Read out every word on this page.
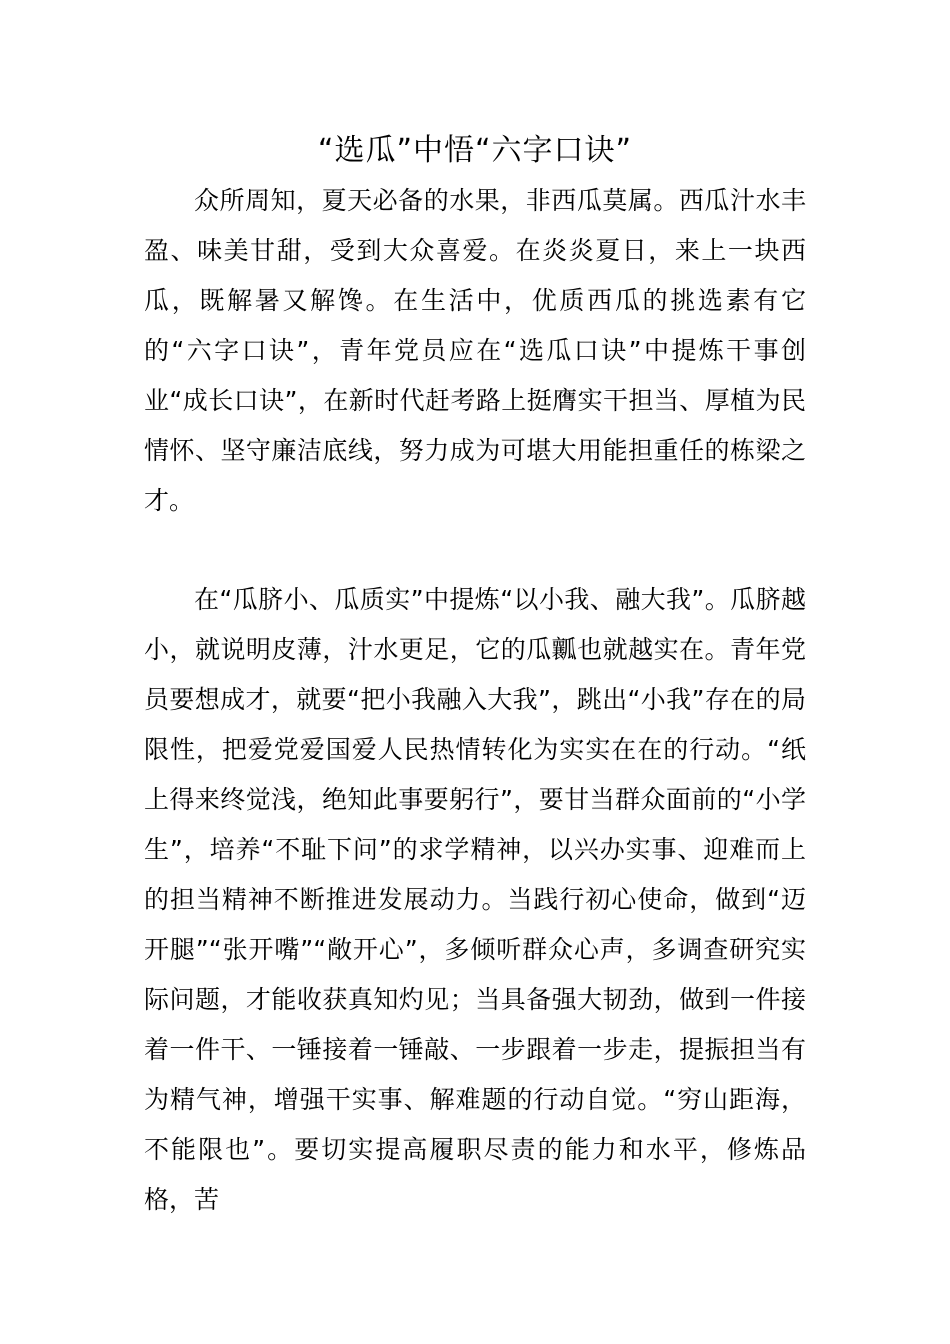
“选瓜”中悟“六字口诀”

众所周知，夏天必备的水果，非西瓜莫属。西瓜汁水丰盈、味美甘甜，受到大众喜爱。在炎炎夏日，来上一块西瓜，既解暑又解馋。在生活中，优质西瓜的挑选素有它的“六字口诀”，青年党员应在“选瓜口诀”中提炼干事创业“成长口诀”，在新时代赶考路上挺膺实干担当、厚植为民情怀、坚守廉洁底线，努力成为可堪大用能担重任的栋梁之才。

在“瓜脐小、瓜质实”中提炼“以小我、融大我”。瓜脐越小，就说明皮薄，汁水更足，它的瓜瓤也就越实在。青年党员要想成才，就要“把小我融入大我”，跳出“小我”存在的局限性，把爱党爱国爱人民热情转化为实实在在的行动。“纸上得来终觉浅，绝知此事要躬行”，要甘当群众面前的“小学生”，培养“不耻下问”的求学精神，以兴办实事、迎难而上的担当精神不断推进发展动力。当践行初心使命，做到“迈开腿”“张开嘴”“敞开心”，多倾听群众心声，多调查研究实际问题，才能收获真知灼见；当具备强大韧劲，做到一件接着一件干、一锤接着一锤敲、一步跟着一步走，提振担当有为精气神，增强干实事、解难题的行动自觉。“穷山距海，不能限也”。要切实提高履职尽责的能力和水平，修炼品格，苦
